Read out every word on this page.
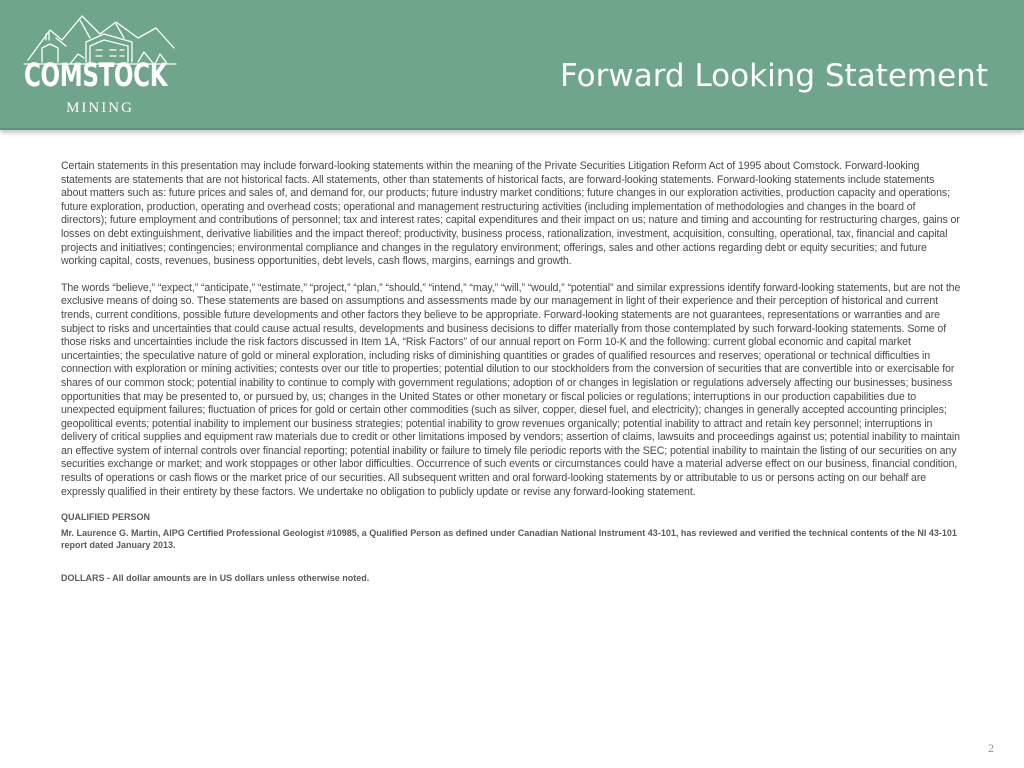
COMSTOCK
MINING
Forward Looking Statement

Certain statements in this presentation may include forward-looking statements within the meaning of the Private Securities Litigation Reform Act of 1995 about Comstock. Forward-looking statements are statements that are not historical facts. All statements, other than statements of historical facts, are forward-looking statements. Forward-looking statements include statements about matters such as: future prices and sales of, and demand for, our products; future industry market conditions; future changes in our exploration activities, production capacity and operations; future exploration, production, operating and overhead costs; operational and management restructuring activities (including implementation of methodologies and changes in the board of directors); future employment and contributions of personnel; tax and interest rates; capital expenditures and their impact on us; nature and timing and accounting for restructuring charges, gains or losses on debt extinguishment, derivative liabilities and the impact thereof; productivity, business process, rationalization, investment, acquisition, consulting, operational, tax, financial and capital projects and initiatives; contingencies; environmental compliance and changes in the regulatory environment; offerings, sales and other actions regarding debt or equity securities; and future working capital, costs, revenues, business opportunities, debt levels, cash flows, margins, earnings and growth.

The words “believe,” “expect,” “anticipate,” “estimate,” “project,” “plan,” “should,” “intend,” “may,” “will,” “would,” “potential” and similar expressions identify forward-looking statements, but are not the exclusive means of doing so. These statements are based on assumptions and assessments made by our management in light of their experience and their perception of historical and current trends, current conditions, possible future developments and other factors they believe to be appropriate. Forward-looking statements are not guarantees, representations or warranties and are subject to risks and uncertainties that could cause actual results, developments and business decisions to differ materially from those contemplated by such forward-looking statements. Some of those risks and uncertainties include the risk factors discussed in Item 1A, “Risk Factors” of our annual report on Form 10-K and the following: current global economic and capital market uncertainties; the speculative nature of gold or mineral exploration, including risks of diminishing quantities or grades of qualified resources and reserves; operational or technical difficulties in connection with exploration or mining activities; contests over our title to properties; potential dilution to our stockholders from the conversion of securities that are convertible into or exercisable for shares of our common stock; potential inability to continue to comply with government regulations; adoption of or changes in legislation or regulations adversely affecting our businesses; business opportunities that may be presented to, or pursued by, us; changes in the United States or other monetary or fiscal policies or regulations; interruptions in our production capabilities due to unexpected equipment failures; fluctuation of prices for gold or certain other commodities (such as silver, copper, diesel fuel, and electricity); changes in generally accepted accounting principles; geopolitical events; potential inability to implement our business strategies; potential inability to grow revenues organically; potential inability to attract and retain key personnel; interruptions in delivery of critical supplies and equipment raw materials due to credit or other limitations imposed by vendors; assertion of claims, lawsuits and proceedings against us; potential inability to maintain an effective system of internal controls over financial reporting; potential inability or failure to timely file periodic reports with the SEC; potential inability to maintain the listing of our securities on any securities exchange or market; and work stoppages or other labor difficulties. Occurrence of such events or circumstances could have a material adverse effect on our business, financial condition, results of operations or cash flows or the market price of our securities. All subsequent written and oral forward-looking statements by or attributable to us or persons acting on our behalf are expressly qualified in their entirety by these factors. We undertake no obligation to publicly update or revise any forward-looking statement.

QUALIFIED PERSON

Mr. Laurence G. Martin, AIPG Certified Professional Geologist #10985, a Qualified Person as defined under Canadian National Instrument 43-101, has reviewed and verified the technical contents of the NI 43-101 report dated January 2013.

DOLLARS - All dollar amounts are in US dollars unless otherwise noted.

2
